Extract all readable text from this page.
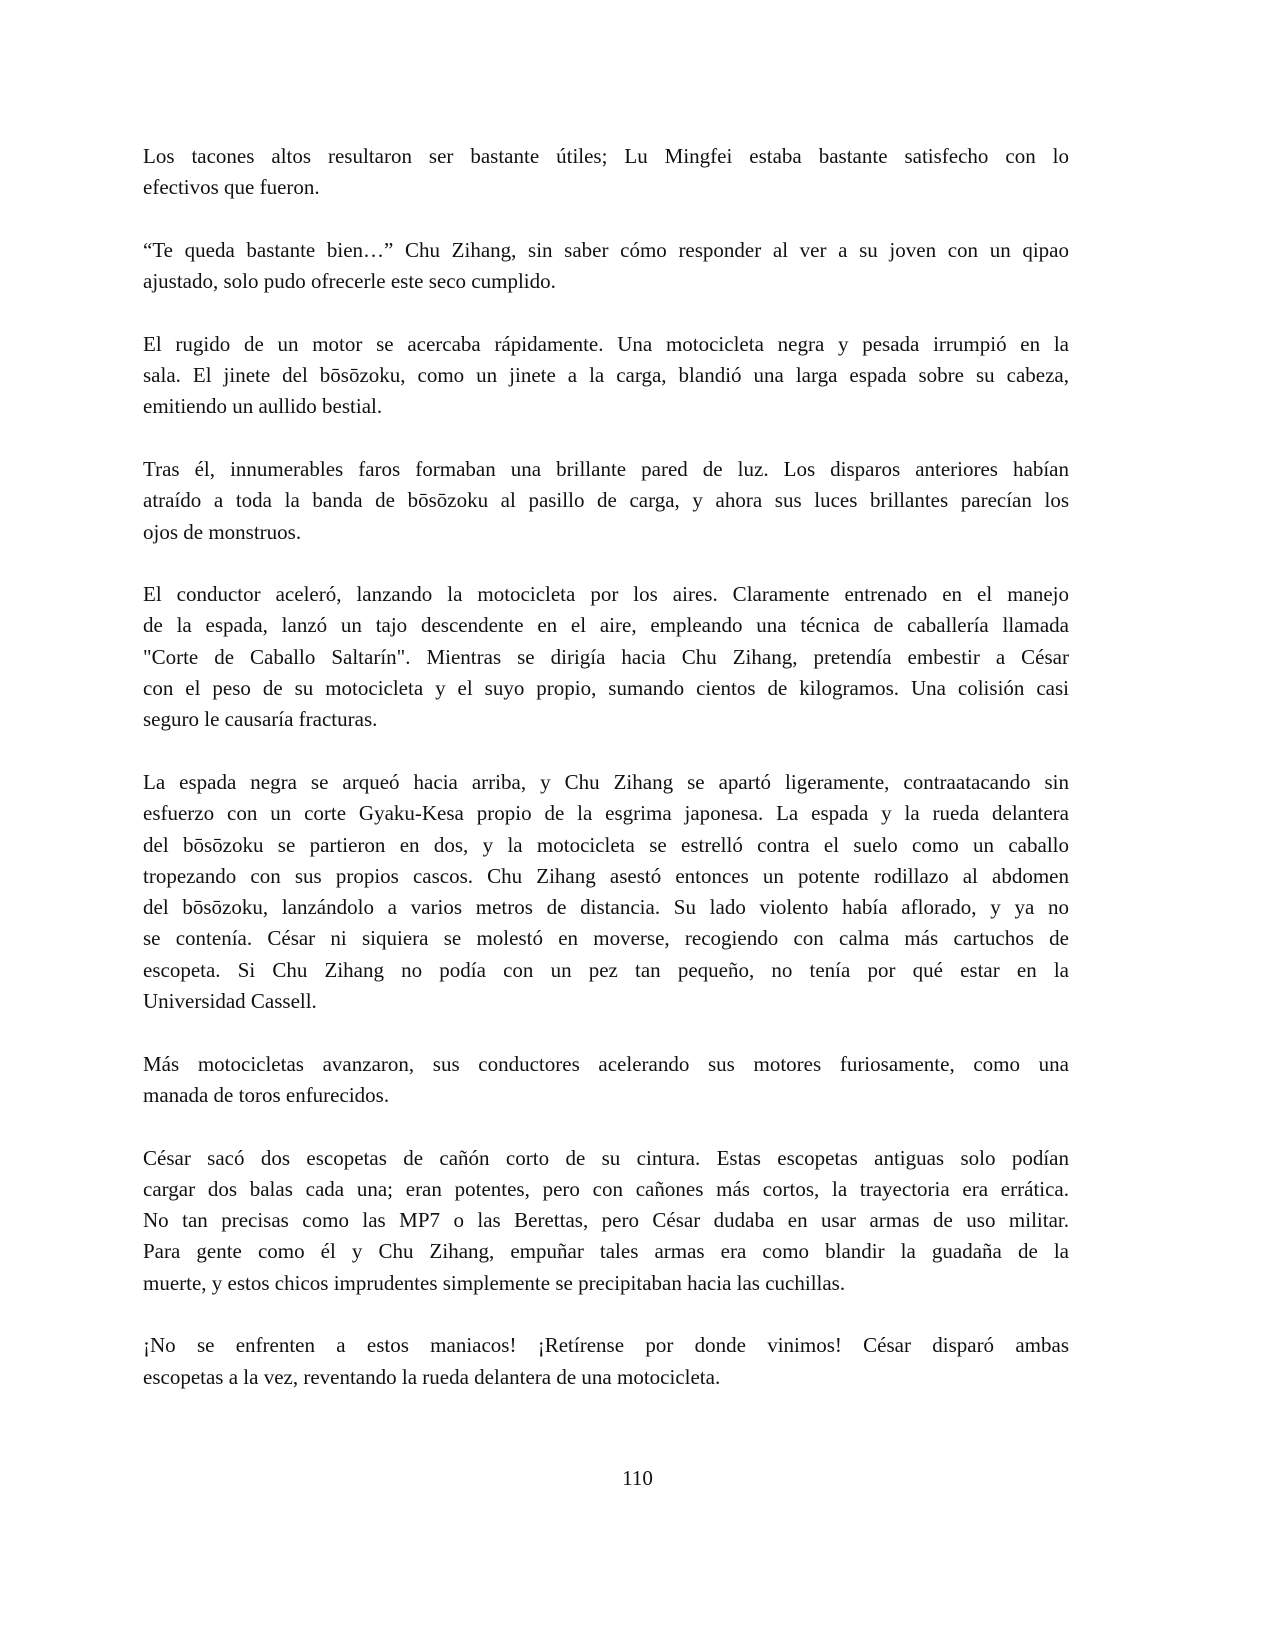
Los tacones altos resultaron ser bastante útiles; Lu Mingfei estaba bastante satisfecho con lo
efectivos que fueron.
“Te queda bastante bien…” Chu Zihang, sin saber cómo responder al ver a su joven con un qipao
ajustado, solo pudo ofrecerle este seco cumplido.
El rugido de un motor se acercaba rápidamente. Una motocicleta negra y pesada irrumpió en la
sala. El jinete del bōsōzoku, como un jinete a la carga, blandió una larga espada sobre su cabeza,
emitiendo un aullido bestial.
Tras él, innumerables faros formaban una brillante pared de luz. Los disparos anteriores habían
atraído a toda la banda de bōsōzoku al pasillo de carga, y ahora sus luces brillantes parecían los
ojos de monstruos.
El conductor aceleró, lanzando la motocicleta por los aires. Claramente entrenado en el manejo
de la espada, lanzó un tajo descendente en el aire, empleando una técnica de caballería llamada
"Corte de Caballo Saltarín". Mientras se dirigía hacia Chu Zihang, pretendía embestir a César
con el peso de su motocicleta y el suyo propio, sumando cientos de kilogramos. Una colisión casi
seguro le causaría fracturas.
La espada negra se arqueó hacia arriba, y Chu Zihang se apartó ligeramente, contraatacando sin
esfuerzo con un corte Gyaku-Kesa propio de la esgrima japonesa. La espada y la rueda delantera
del bōsōzoku se partieron en dos, y la motocicleta se estrelló contra el suelo como un caballo
tropezando con sus propios cascos. Chu Zihang asestó entonces un potente rodillazo al abdomen
del bōsōzoku, lanzándolo a varios metros de distancia. Su lado violento había aflorado, y ya no
se contenía. César ni siquiera se molestó en moverse, recogiendo con calma más cartuchos de
escopeta. Si Chu Zihang no podía con un pez tan pequeño, no tenía por qué estar en la
Universidad Cassell.
Más motocicletas avanzaron, sus conductores acelerando sus motores furiosamente, como una
manada de toros enfurecidos.
César sacó dos escopetas de cañón corto de su cintura. Estas escopetas antiguas solo podían
cargar dos balas cada una; eran potentes, pero con cañones más cortos, la trayectoria era errática.
No tan precisas como las MP7 o las Berettas, pero César dudaba en usar armas de uso militar.
Para gente como él y Chu Zihang, empuñar tales armas era como blandir la guadaña de la
muerte, y estos chicos imprudentes simplemente se precipitaban hacia las cuchillas.
¡No se enfrenten a estos maniacos! ¡Retírense por donde vinimos! César disparó ambas
escopetas a la vez, reventando la rueda delantera de una motocicleta.
110
